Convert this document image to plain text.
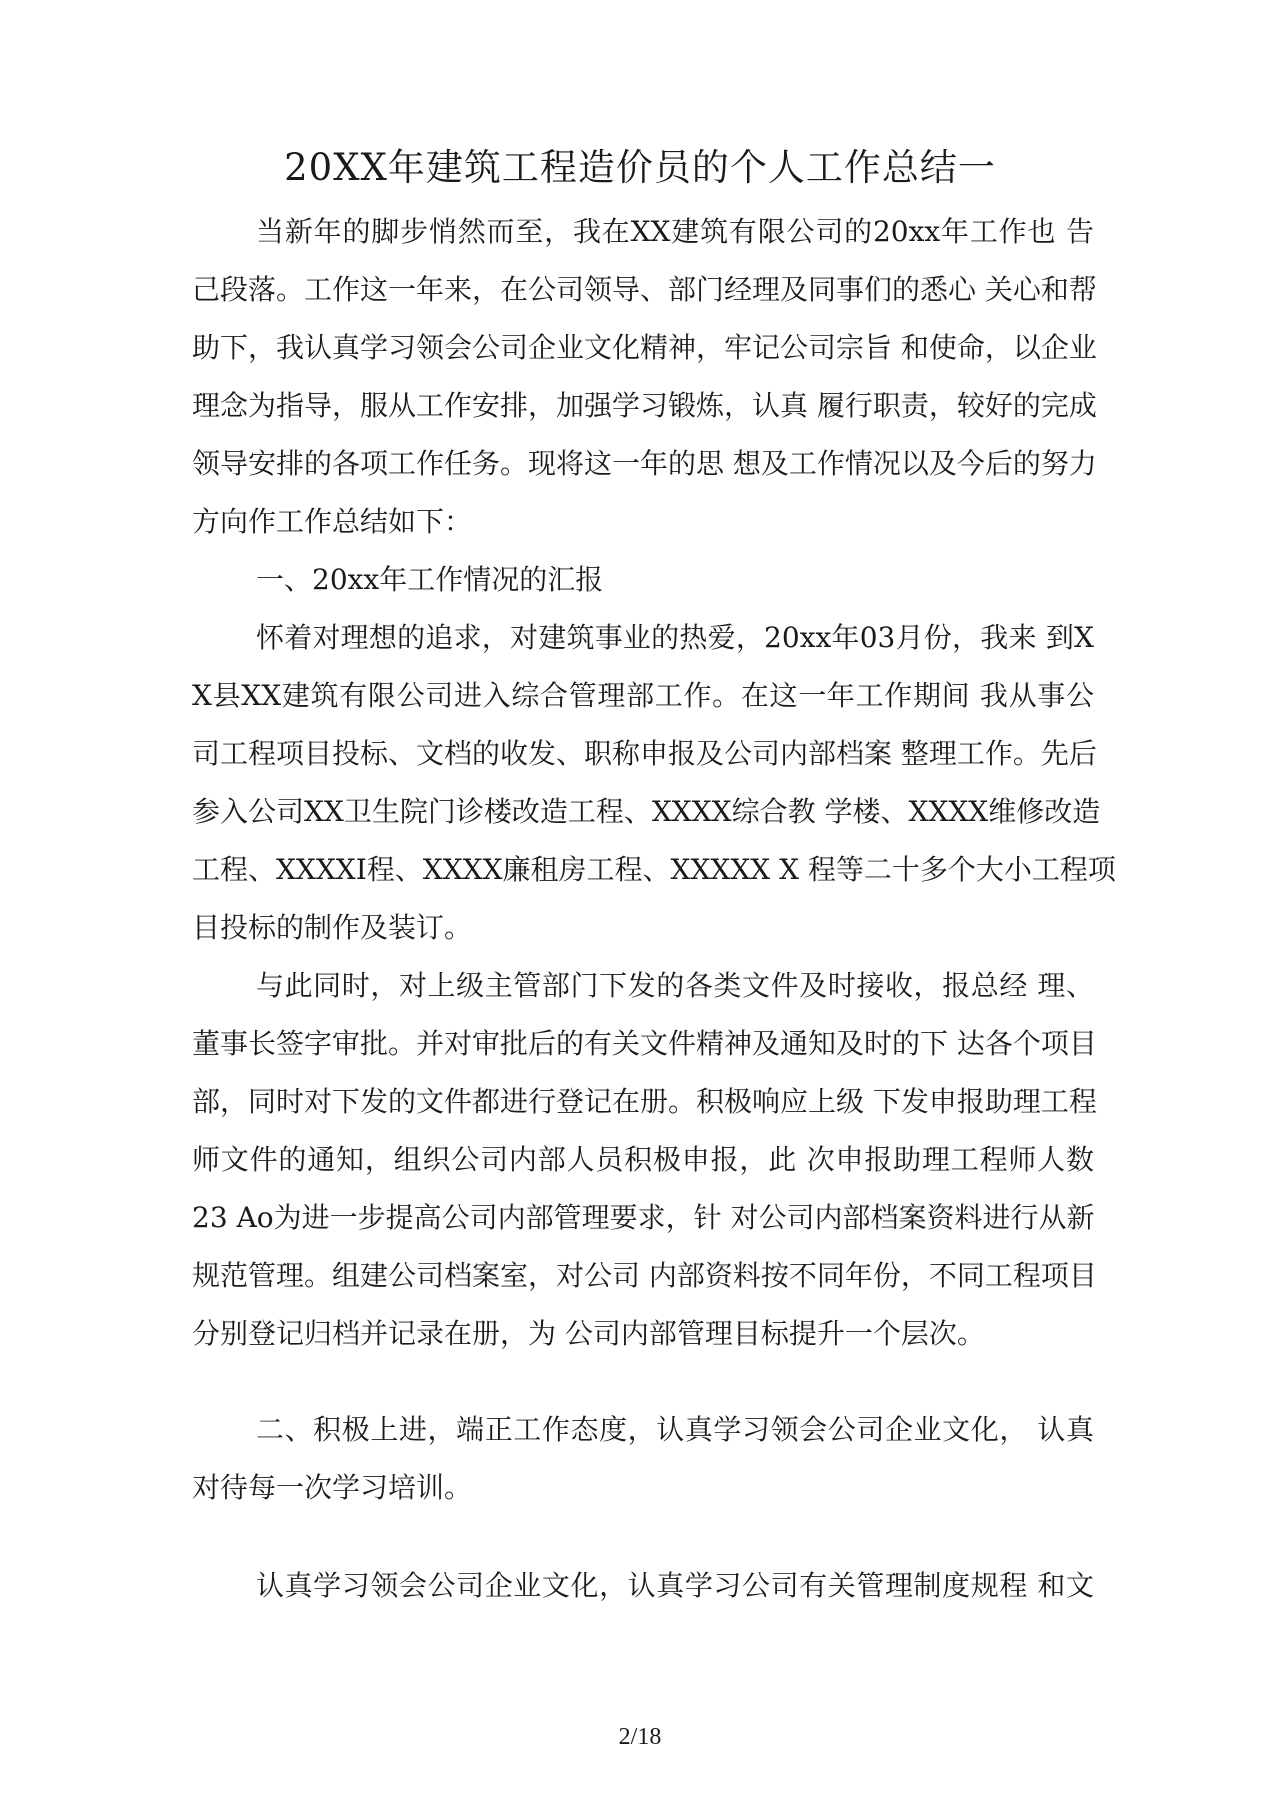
20XX年建筑工程造价员的个人工作总结一
当新年的脚步悄然而至，我在XX建筑有限公司的20xx年工作也 告
己段落。工作这一年来，在公司领导、部门经理及同事们的悉心 关心和帮
助下，我认真学习领会公司企业文化精神，牢记公司宗旨 和使命，以企业
理念为指导，服从工作安排，加强学习锻炼，认真 履行职责，较好的完成
领导安排的各项工作任务。现将这一年的思 想及工作情况以及今后的努力
方向作工作总结如下：
一、20xx年工作情况的汇报
怀着对理想的追求，对建筑事业的热爱，20xx年03月份，我来 到X
X县XX建筑有限公司进入综合管理部工作。在这一年工作期间 我从事公
司工程项目投标、文档的收发、职称申报及公司内部档案 整理工作。先后
参入公司XX卫生院门诊楼改造工程、XXXX综合教 学楼、XXXX维修改造
工程、XXXXI程、XXXX廉租房工程、XXXXX X 程等二十多个大小工程项
目投标的制作及装订。
与此同时，对上级主管部门下发的各类文件及时接收，报总经 理、
董事长签字审批。并对审批后的有关文件精神及通知及时的下 达各个项目
部，同时对下发的文件都进行登记在册。积极响应上级 下发申报助理工程
师文件的通知，组织公司内部人员积极申报，此 次申报助理工程师人数
23 Ao为进一步提高公司内部管理要求，针 对公司内部档案资料进行从新
规范管理。组建公司档案室，对公司 内部资料按不同年份，不同工程项目
分别登记归档并记录在册，为 公司内部管理目标提升一个层次。
二、积极上进，端正工作态度，认真学习领会公司企业文化， 认真
对待每一次学习培训。
认真学习领会公司企业文化，认真学习公司有关管理制度规程 和文
2/18
